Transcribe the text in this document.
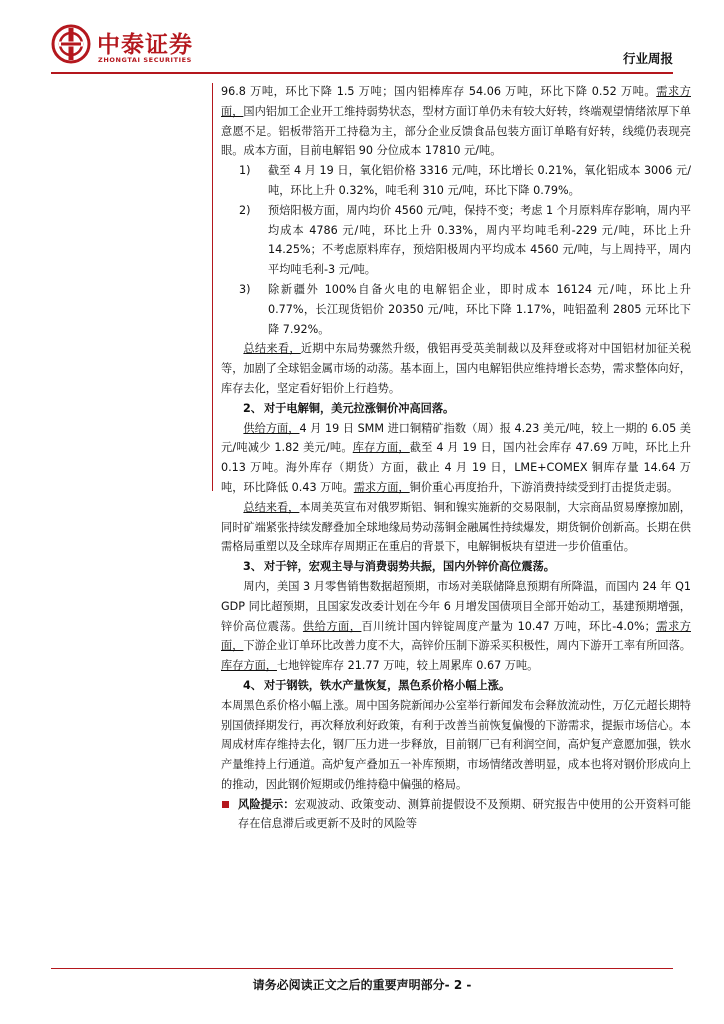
中泰证券
ZHONGTAI SECURITIES	行业周报

96.8 万吨，环比下降 1.5 万吨；国内铝棒库存 54.06 万吨，环比下降 0.52 万吨。需求方面，国内铝加工企业开工维持弱势状态，型材方面订单仍未有较大好转，终端观望情绪浓厚下单意愿不足。铝板带箔开工持稳为主，部分企业反馈食品包装方面订单略有好转，线缆仍表现亮眼。成本方面，目前电解铝 90 分位成本 17810 元/吨。

1)	截至 4 月 19 日，氧化铝价格 3316 元/吨，环比增长 0.21%，氧化铝成本 3006 元/吨，环比上升 0.32%，吨毛利 310 元/吨，环比下降 0.79%。
2)	预焙阳极方面，周内均价 4560 元/吨，保持不变；考虑 1 个月原料库存影响，周内平均成本 4786 元/吨，环比上升 0.33%，周内平均吨毛利-229 元/吨，环比上升 14.25%；不考虑原料库存，预焙阳极周内平均成本 4560 元/吨，与上周持平，周内平均吨毛利-3 元/吨。
3)	除新疆外 100%自备火电的电解铝企业，即时成本 16124 元/吨，环比上升 0.77%，长江现货铝价 20350 元/吨，环比下降 1.17%，吨铝盈利 2805 元环比下降 7.92%。

总结来看，近期中东局势骤然升级，俄铝再受英美制裁以及拜登或将对中国铝材加征关税等，加剧了全球铝金属市场的动荡。基本面上，国内电解铝供应维持增长态势，需求整体向好，库存去化，坚定看好铝价上行趋势。

2、 对于电解铜，美元拉涨铜价冲高回落。

供给方面，4 月 19 日 SMM 进口铜精矿指数（周）报 4.23 美元/吨，较上一期的 6.05 美元/吨减少 1.82 美元/吨。库存方面，截至 4 月 19 日，国内社会库存 47.69 万吨，环比上升 0.13 万吨。海外库存（期货）方面，截止 4 月 19 日，LME+COMEX 铜库存量 14.64 万吨，环比降低 0.43 万吨。需求方面，铜价重心再度抬升，下游消费持续受到打击提货走弱。

总结来看，本周美英宣布对俄罗斯铝、铜和镍实施新的交易限制，大宗商品贸易摩擦加剧，同时矿端紧张持续发酵叠加全球地缘局势动荡铜金融属性持续爆发，期货铜价创新高。长期在供需格局重塑以及全球库存周期正在重启的背景下，电解铜板块有望进一步价值重估。

3、 对于锌，宏观主导与消费弱势共振，国内外锌价高位震荡。

周内，美国 3 月零售销售数据超预期，市场对美联储降息预期有所降温，而国内 24 年 Q1 GDP 同比超预期，且国家发改委计划在今年 6 月增发国债项目全部开始动工，基建预期增强，锌价高位震荡。供给方面，百川统计国内锌锭周度产量为 10.47 万吨，环比-4.0%；需求方面，下游企业订单环比改善力度不大，高锌价压制下游采买积极性，周内下游开工率有所回落。库存方面，七地锌锭库存 21.77 万吨，较上周累库 0.67 万吨。

4、 对于钢铁，铁水产量恢复，黑色系价格小幅上涨。

本周黑色系价格小幅上涨。周中国务院新闻办公室举行新闻发布会释放流动性，万亿元超长期特别国债择期发行，再次释放利好政策，有利于改善当前恢复偏慢的下游需求，提振市场信心。本周成材库存维持去化，钢厂压力进一步释放，目前钢厂已有利润空间，高炉复产意愿加强，铁水产量维持上行通道。高炉复产叠加五一补库预期，市场情绪改善明显，成本也将对钢价形成向上的推动，因此钢价短期或仍维持稳中偏强的格局。

风险提示：宏观波动、政策变动、测算前提假设不及预期、研究报告中使用的公开资料可能存在信息滞后或更新不及时的风险等

请务必阅读正文之后的重要声明部分- 2 -
